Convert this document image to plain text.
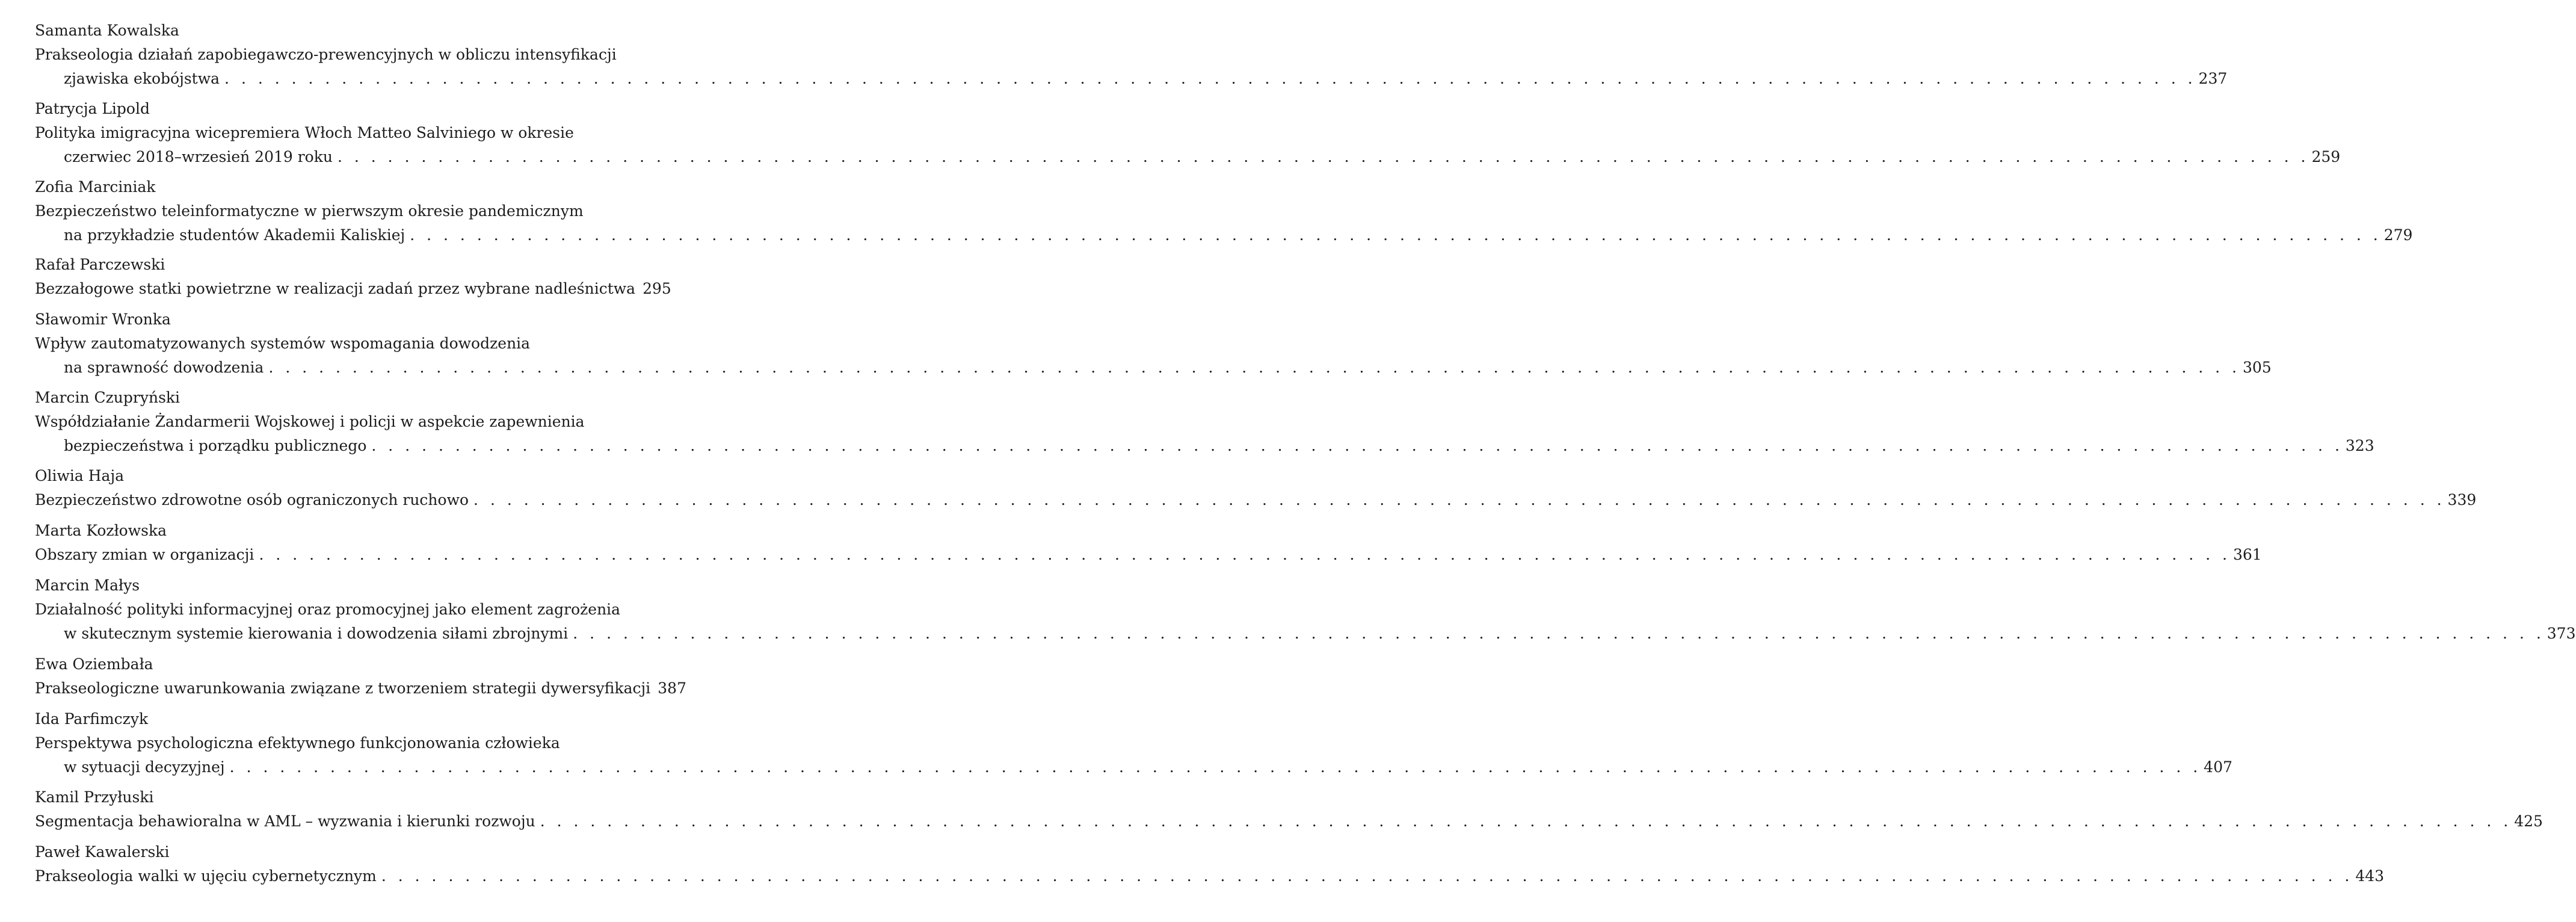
Samanta Kowalska
Prakseologia działań zapobiegawczo-prewencyjnych w obliczu intensyfikacji
zjawiska ekobójstwa . . .	237
Patrycja Lipold
Polityka imigracyjna wicepremiera Włoch Matteo Salviniego w okresie
czerwiec 2018–wrzesień 2019 roku . . .	259
Zofia Marciniak
Bezpieczeństwo teleinformatyczne w pierwszym okresie pandemicznym
na przykładzie studentów Akademii Kaliskiej . . .	279
Rafał Parczewski
Bezzałogowe statki powietrzne w realizacji zadań przez wybrane nadleśnictwa 295
Sławomir Wronka
Wpływ zautomatyzowanych systemów wspomagania dowodzenia
na sprawność dowodzenia . . .	305
Marcin Czupryński
Współdziałanie Żandarmerii Wojskowej i policji w aspekcie zapewnienia
bezpieczeństwa i porządku publicznego . . .	323
Oliwia Haja
Bezpieczeństwo zdrowotne osób ograniczonych ruchowo . . .	339
Marta Kozłowska
Obszary zmian w organizacji . . .	361
Marcin Małys
Działalność polityki informacyjnej oraz promocyjnej jako element zagrożenia
w skutecznym systemie kierowania i dowodzenia siłami zbrojnymi . . .	373
Ewa Oziembała
Prakseologiczne uwarunkowania związane z tworzeniem strategii dywersyfikacji 387
Ida Parfimczyk
Perspektywa psychologiczna efektywnego funkcjonowania człowieka
w sytuacji decyzyjnej . . .	407
Kamil Przyłuski
Segmentacja behawioralna w AML – wyzwania i kierunki rozwoju . . .	425
Paweł Kawalerski
Prakseologia walki w ujęciu cybernetycznym . . .	443
